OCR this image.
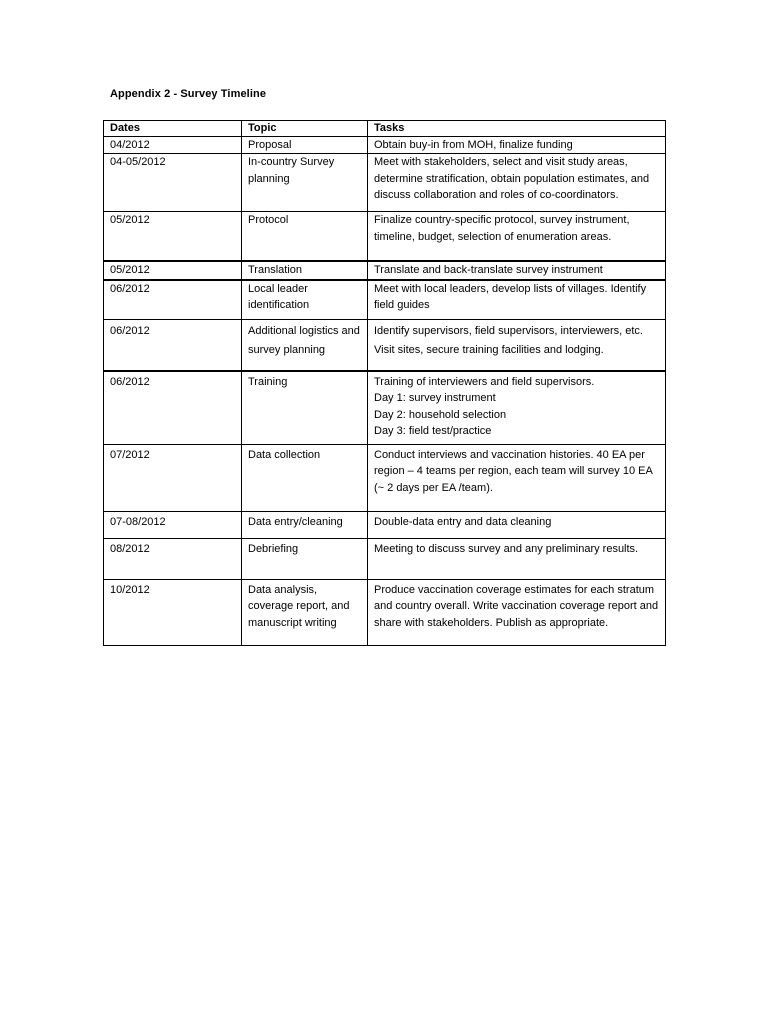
Appendix 2 - Survey Timeline
Dates	Topic	Tasks
04/2012	Proposal	Obtain buy-in from MOH, finalize funding
04-05/2012	In-country Survey planning	Meet with stakeholders, select and visit study areas, determine stratification, obtain population estimates, and discuss collaboration and roles of co-coordinators.
05/2012	Protocol	Finalize country-specific protocol, survey instrument, timeline, budget, selection of enumeration areas.
05/2012	Translation	Translate and back-translate survey instrument
06/2012	Local leader identification	Meet with local leaders, develop lists of villages. Identify field guides
06/2012	Additional logistics and survey planning	Identify supervisors, field supervisors, interviewers, etc. Visit sites, secure training facilities and lodging.
06/2012	Training	Training of interviewers and field supervisors.
Day 1: survey instrument
Day 2: household selection
Day 3: field test/practice

07/2012	Data collection	Conduct interviews and vaccination histories. 40 EA per region – 4 teams per region, each team will survey 10 EA (~ 2 days per EA /team).
07-08/2012	Data entry/cleaning	Double-data entry and data cleaning
08/2012	Debriefing	Meeting to discuss survey and any preliminary results.
10/2012	Data analysis, coverage report, and manuscript writing	Produce vaccination coverage estimates for each stratum and country overall. Write vaccination coverage report and share with stakeholders. Publish as appropriate.
